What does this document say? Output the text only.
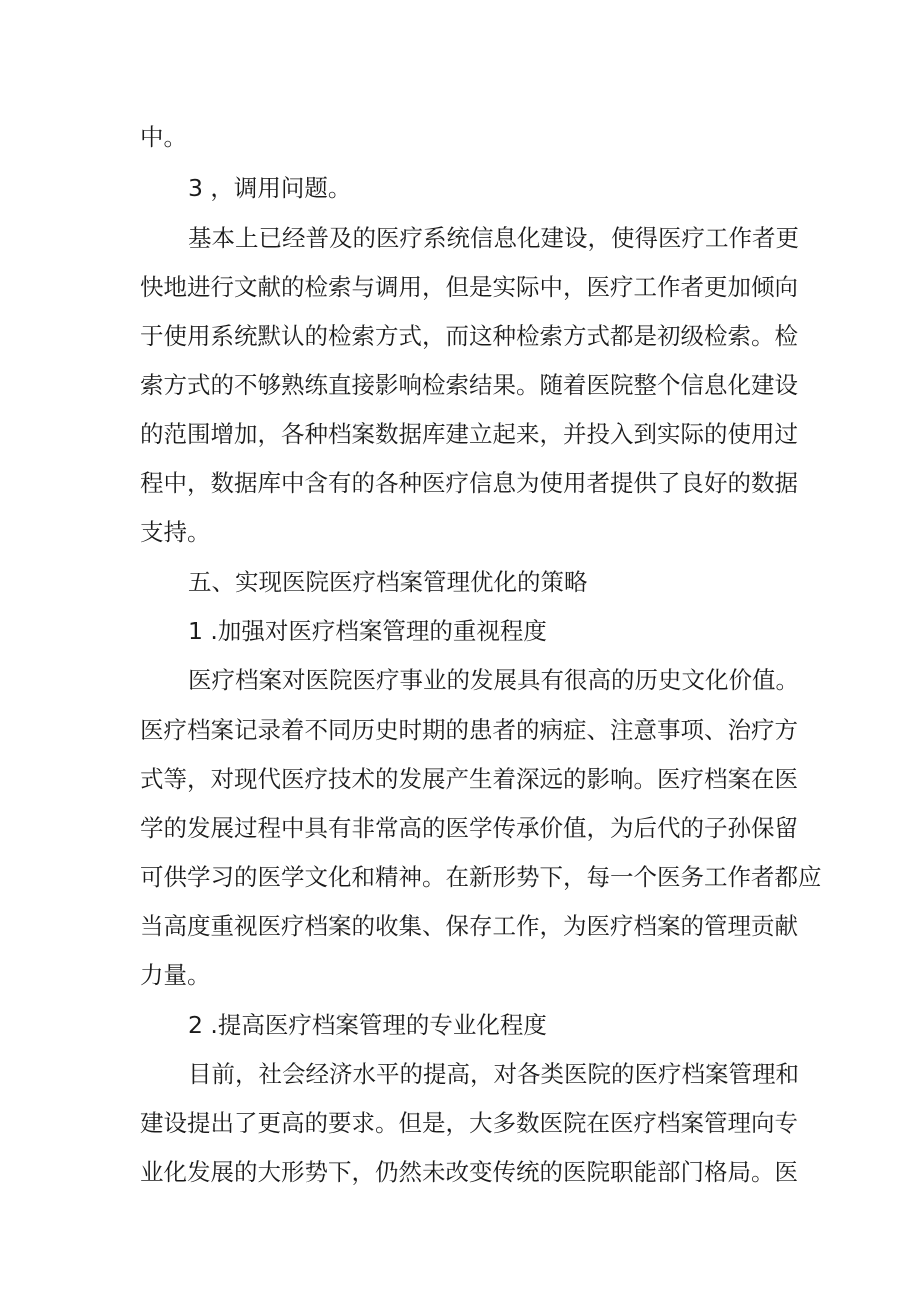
中。
3 ，调用问题。
基本上已经普及的医疗系统信息化建设，使得医疗工作者更
快地进行文献的检索与调用，但是实际中，医疗工作者更加倾向
于使用系统默认的检索方式，而这种检索方式都是初级检索。检
索方式的不够熟练直接影响检索结果。随着医院整个信息化建设
的范围增加，各种档案数据库建立起来，并投入到实际的使用过
程中，数据库中含有的各种医疗信息为使用者提供了良好的数据
支持。
五、实现医院医疗档案管理优化的策略
1 .加强对医疗档案管理的重视程度
医疗档案对医院医疗事业的发展具有很高的历史文化价值。
医疗档案记录着不同历史时期的患者的病症、注意事项、治疗方
式等，对现代医疗技术的发展产生着深远的影响。医疗档案在医
学的发展过程中具有非常高的医学传承价值，为后代的子孙保留
可供学习的医学文化和精神。在新形势下，每一个医务工作者都应
当高度重视医疗档案的收集、保存工作，为医疗档案的管理贡献
力量。
2 .提高医疗档案管理的专业化程度
目前，社会经济水平的提高，对各类医院的医疗档案管理和
建设提出了更高的要求。但是，大多数医院在医疗档案管理向专
业化发展的大形势下，仍然未改变传统的医院职能部门格局。医
